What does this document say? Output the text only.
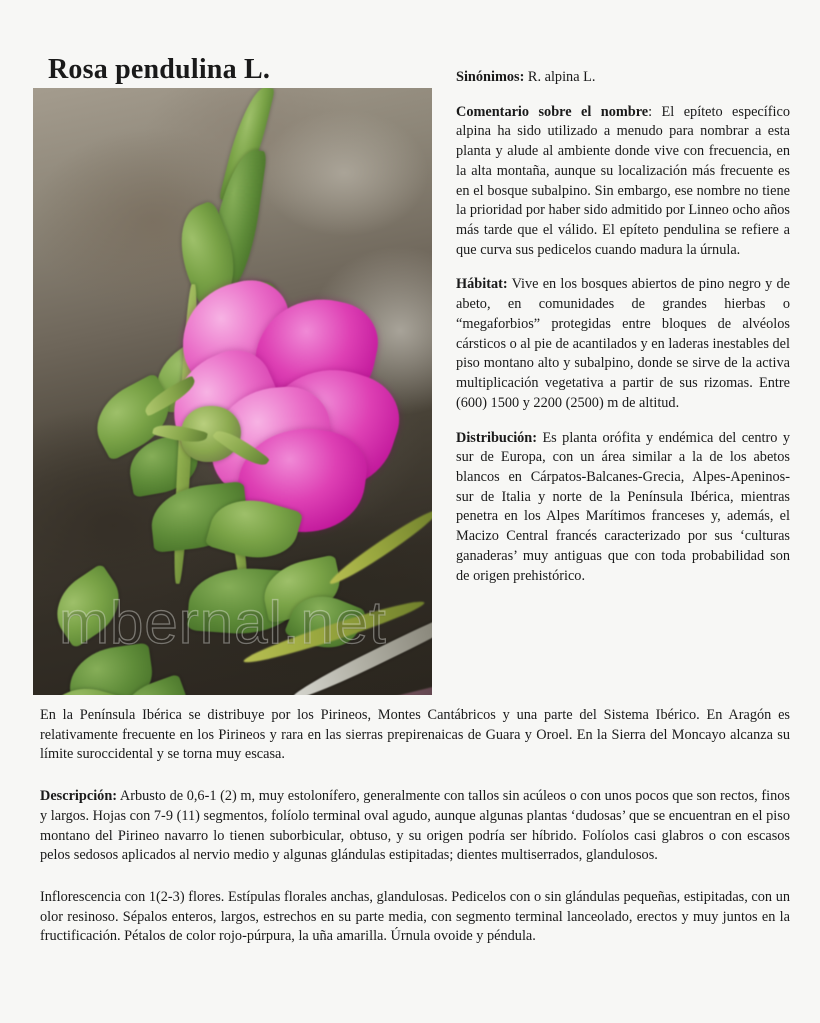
Rosa pendulina L.	Sinónimos: R. alpina L.

Comentario sobre el nombre: El epíteto específico alpina ha sido utilizado a menudo para nombrar a esta planta y alude al ambiente donde vive con frecuencia, en la alta montaña, aunque su localización más frecuente es en el bosque subalpino. Sin embargo, ese nombre no tiene la prioridad por haber sido admitido por Linneo ocho años más tarde que el válido. El epíteto pendulina se refiere a que curva sus pedicelos cuando madura la úrnula.

Hábitat: Vive en los bosques abiertos de pino negro y de abeto, en comunidades de grandes hierbas o “megaforbios” protegidas entre bloques de alvéolos cársticos o al pie de acantilados y en laderas inestables del piso montano alto y subalpino, donde se sirve de la activa multiplicación vegetativa a partir de sus rizomas. Entre (600) 1500 y 2200 (2500) m de altitud.

Distribución: Es planta orófita y endémica del centro y sur de Europa, con un área similar a la de los abetos blancos en Cárpatos-Balcanes-Grecia, Alpes-Apeninos-sur de Italia y norte de la Península Ibérica, mientras penetra en los Alpes Marítimos franceses y, además, el Macizo Central francés caracterizado por sus ‘culturas ganaderas’ muy antiguas que con toda probabilidad son de origen prehistórico.

En la Península Ibérica se distribuye por los Pirineos, Montes Cantábricos y una parte del Sistema Ibérico. En Aragón es relativamente frecuente en los Pirineos y rara en las sierras prepirenaicas de Guara y Oroel. En la Sierra del Moncayo alcanza su límite suroccidental y se torna muy escasa.

Descripción: Arbusto de 0,6-1 (2) m, muy estolonífero, generalmente con tallos sin acúleos o con unos pocos que son rectos, finos y largos. Hojas con 7-9 (11) segmentos, folíolo terminal oval agudo, aunque algunas plantas ‘dudosas’ que se encuentran en el piso montano del Pirineo navarro lo tienen suborbicular, obtuso, y su origen podría ser híbrido. Folíolos casi glabros o con escasos pelos sedosos aplicados al nervio medio y algunas glándulas estipitadas; dientes multiserrados, glandulosos.

Inflorescencia con 1(2-3) flores. Estípulas florales anchas, glandulosas. Pedicelos con o sin glándulas pequeñas, estipitadas, con un olor resinoso. Sépalos enteros, largos, estrechos en su parte media, con segmento terminal lanceolado, erectos y muy juntos en la fructificación. Pétalos de color rojo-púrpura, la uña amarilla. Úrnula ovoide y péndula.
